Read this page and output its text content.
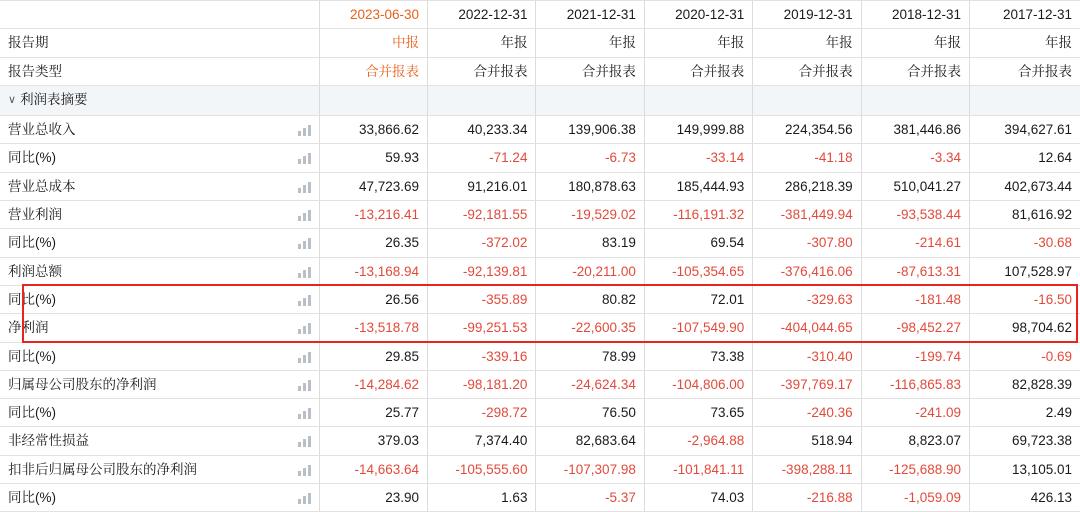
		2023-06-30	2022-12-31	2021-12-31	2020-12-31	2019-12-31	2018-12-31	2017-12-31
报告期		中报	年报	年报	年报	年报	年报	年报
报告类型		合并报表	合并报表	合并报表	合并报表	合并报表	合并报表	合并报表
∨ 利润表摘要								
营业总收入		33,866.62	40,233.34	139,906.38	149,999.88	224,354.56	381,446.86	394,627.61
同比(%)		59.93	-71.24	-6.73	-33.14	-41.18	-3.34	12.64
营业总成本		47,723.69	91,216.01	180,878.63	185,444.93	286,218.39	510,041.27	402,673.44
营业利润		-13,216.41	-92,181.55	-19,529.02	-116,191.32	-381,449.94	-93,538.44	81,616.92
同比(%)		26.35	-372.02	83.19	69.54	-307.80	-214.61	-30.68
利润总额		-13,168.94	-92,139.81	-20,211.00	-105,354.65	-376,416.06	-87,613.31	107,528.97
同比(%)		26.56	-355.89	80.82	72.01	-329.63	-181.48	-16.50
净利润		-13,518.78	-99,251.53	-22,600.35	-107,549.90	-404,044.65	-98,452.27	98,704.62
同比(%)		29.85	-339.16	78.99	73.38	-310.40	-199.74	-0.69
归属母公司股东的净利润		-14,284.62	-98,181.20	-24,624.34	-104,806.00	-397,769.17	-116,865.83	82,828.39
同比(%)		25.77	-298.72	76.50	73.65	-240.36	-241.09	2.49
非经常性损益		379.03	7,374.40	82,683.64	-2,964.88	518.94	8,823.07	69,723.38
扣非后归属母公司股东的净利润		-14,663.64	-105,555.60	-107,307.98	-101,841.11	-398,288.11	-125,688.90	13,105.01
同比(%)		23.90	1.63	-5.37	74.03	-216.88	-1,059.09	426.13
